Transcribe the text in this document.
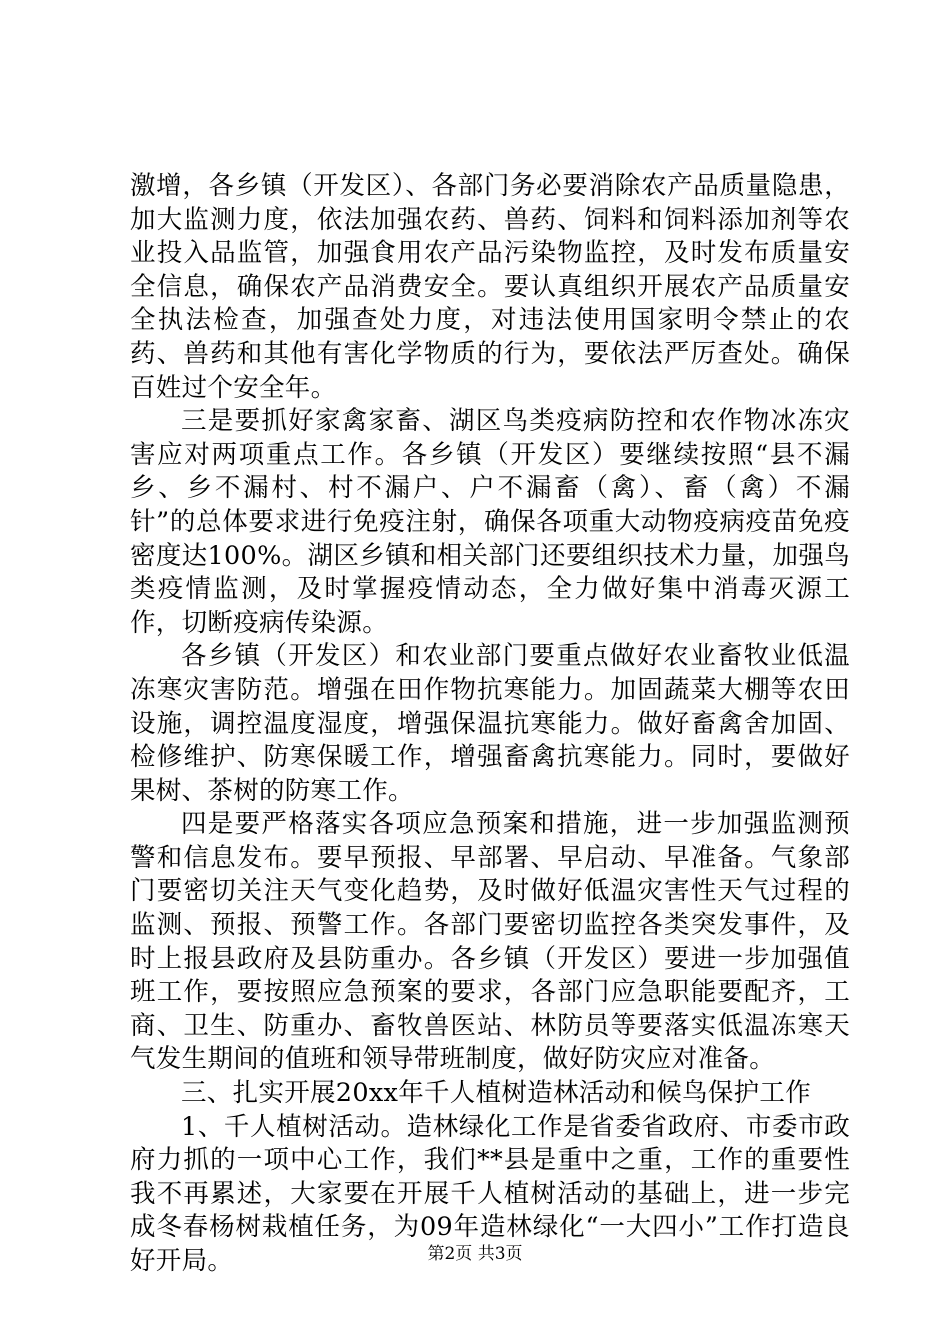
激增，各乡镇（开发区）、各部门务必要消除农产品质量隐患，加大监测力度，依法加强农药、兽药、饲料和饲料添加剂等农业投入品监管，加强食用农产品污染物监控，及时发布质量安全信息，确保农产品消费安全。要认真组织开展农产品质量安全执法检查，加强查处力度，对违法使用国家明令禁止的农药、兽药和其他有害化学物质的行为，要依法严厉查处。确保百姓过个安全年。

三是要抓好家禽家畜、湖区鸟类疫病防控和农作物冰冻灾害应对两项重点工作。各乡镇（开发区）要继续按照“县不漏乡、乡不漏村、村不漏户、户不漏畜（禽）、畜（禽）不漏针”的总体要求进行免疫注射，确保各项重大动物疫病疫苗免疫密度达100%。湖区乡镇和相关部门还要组织技术力量，加强鸟类疫情监测，及时掌握疫情动态，全力做好集中消毒灭源工作，切断疫病传染源。

各乡镇（开发区）和农业部门要重点做好农业畜牧业低温冻寒灾害防范。增强在田作物抗寒能力。加固蔬菜大棚等农田设施，调控温度湿度，增强保温抗寒能力。做好畜禽舍加固、检修维护、防寒保暖工作，增强畜禽抗寒能力。同时，要做好果树、茶树的防寒工作。

四是要严格落实各项应急预案和措施，进一步加强监测预警和信息发布。要早预报、早部署、早启动、早准备。气象部门要密切关注天气变化趋势，及时做好低温灾害性天气过程的监测、预报、预警工作。各部门要密切监控各类突发事件，及时上报县政府及县防重办。各乡镇（开发区）要进一步加强值班工作，要按照应急预案的要求，各部门应急职能要配齐，工商、卫生、防重办、畜牧兽医站、林防员等要落实低温冻寒天气发生期间的值班和领导带班制度，做好防灾应对准备。

三、扎实开展20xx年千人植树造林活动和候鸟保护工作

1、千人植树活动。造林绿化工作是省委省政府、市委市政府力抓的一项中心工作，我们**县是重中之重，工作的重要性我不再累述，大家要在开展千人植树活动的基础上，进一步完成冬春杨树栽植任务，为09年造林绿化“一大四小”工作打造良好开局。	第2页 共3页
